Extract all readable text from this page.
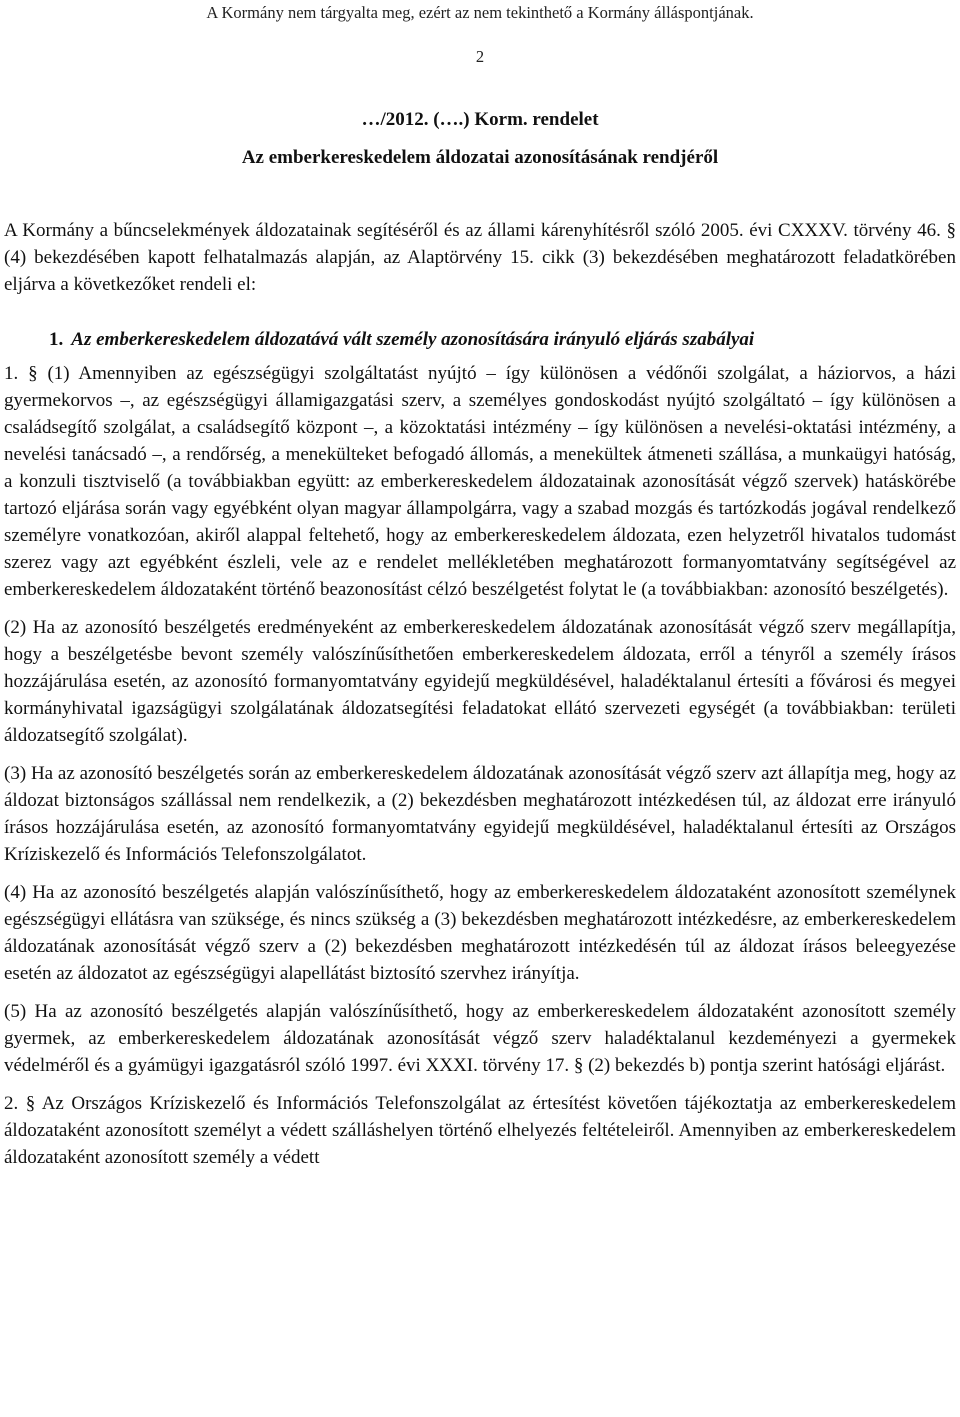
A Kormány nem tárgyalta meg, ezért az nem tekinthető a Kormány álláspontjának.
2
…/2012. (….) Korm. rendelet
Az emberkereskedelem áldozatai azonosításának rendjéről

A Kormány a bűncselekmények áldozatainak segítéséről és az állami kárenyhítésről szóló 2005. évi CXXXV. törvény 46. § (4) bekezdésében kapott felhatalmazás alapján, az Alaptörvény 15. cikk (3) bekezdésében meghatározott feladatkörében eljárva a következőket rendeli el:

1. Az emberkereskedelem áldozatává vált személy azonosítására irányuló eljárás szabályai

1. § (1) Amennyiben az egészségügyi szolgáltatást nyújtó – így különösen a védőnői szolgálat, a háziorvos, a házi gyermekorvos –, az egészségügyi államigazgatási szerv, a személyes gondoskodást nyújtó szolgáltató – így különösen a családsegítő szolgálat, a családsegítő központ –, a közoktatási intézmény – így különösen a nevelési-oktatási intézmény, a nevelési tanácsadó –, a rendőrség, a menekülteket befogadó állomás, a menekültek átmeneti szállása, a munkaügyi hatóság, a konzuli tisztviselő (a továbbiakban együtt: az emberkereskedelem áldozatainak azonosítását végző szervek) hatáskörébe tartozó eljárása során vagy egyébként olyan magyar állampolgárra, vagy a szabad mozgás és tartózkodás jogával rendelkező személyre vonatkozóan, akiről alappal feltehető, hogy az emberkereskedelem áldozata, ezen helyzetről hivatalos tudomást szerez vagy azt egyébként észleli, vele az e rendelet mellékletében meghatározott formanyomtatvány segítségével az emberkereskedelem áldozataként történő beazonosítást célzó beszélgetést folytat le (a továbbiakban: azonosító beszélgetés).

(2) Ha az azonosító beszélgetés eredményeként az emberkereskedelem áldozatának azonosítását végző szerv megállapítja, hogy a beszélgetésbe bevont személy valószínűsíthetően emberkereskedelem áldozata, erről a tényről a személy írásos hozzájárulása esetén, az azonosító formanyomtatvány egyidejű megküldésével, haladéktalanul értesíti a fővárosi és megyei kormányhivatal igazságügyi szolgálatának áldozatsegítési feladatokat ellátó szervezeti egységét (a továbbiakban: területi áldozatsegítő szolgálat).

(3) Ha az azonosító beszélgetés során az emberkereskedelem áldozatának azonosítását végző szerv azt állapítja meg, hogy az áldozat biztonságos szállással nem rendelkezik, a (2) bekezdésben meghatározott intézkedésen túl, az áldozat erre irányuló írásos hozzájárulása esetén, az azonosító formanyomtatvány egyidejű megküldésével, haladéktalanul értesíti az Országos Kríziskezelő és Információs Telefonszolgálatot.

(4) Ha az azonosító beszélgetés alapján valószínűsíthető, hogy az emberkereskedelem áldozataként azonosított személynek egészségügyi ellátásra van szüksége, és nincs szükség a (3) bekezdésben meghatározott intézkedésre, az emberkereskedelem áldozatának azonosítását végző szerv a (2) bekezdésben meghatározott intézkedésén túl az áldozat írásos beleegyezése esetén az áldozatot az egészségügyi alapellátást biztosító szervhez irányítja.

(5) Ha az azonosító beszélgetés alapján valószínűsíthető, hogy az emberkereskedelem áldozataként azonosított személy gyermek, az emberkereskedelem áldozatának azonosítását végző szerv haladéktalanul kezdeményezi a gyermekek védelméről és a gyámügyi igazgatásról szóló 1997. évi XXXI. törvény 17. § (2) bekezdés b) pontja szerint hatósági eljárást.

2. § Az Országos Kríziskezelő és Információs Telefonszolgálat az értesítést követően tájékoztatja az emberkereskedelem áldozataként azonosított személyt a védett szálláshelyen történő elhelyezés feltételeiről. Amennyiben az emberkereskedelem áldozataként azonosított személy a védett
